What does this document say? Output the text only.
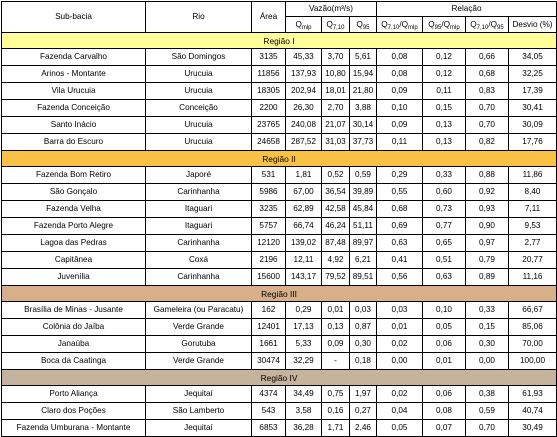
Sub-bacia	Rio	Área	Vazão(m³/s)			Relação			
			$Q_{mlp}$	$Q_{7,10}$	$Q_{95}$	$Q_{7,10}/Q_{mlp}$	$Q_{95}/Q_{mlp}$	$Q_{7,10}/Q_{95}$	Desvio (%)
Região I									
Fazenda Carvalho	São Domingos	3135	45,33	3,70	5,61	0,08	0,12	0,66	34,05
Arinos - Montante	Urucuia	11856	137,93	10,80	15,94	0,08	0,12	0,68	32,25
Vila Urucuia	Urucuia	18305	202,94	18,01	21,80	0,09	0,11	0,83	17,39
Fazenda Conceição	Conceição	2200	26,30	2,70	3,88	0,10	0,15	0,70	30,41
Santo Inácio	Urucuia	23765	240,08	21,07	30,14	0,09	0,13	0,70	30,09
Barra do Escuro	Urucuia	24658	287,52	31,03	37,73	0,11	0,13	0,82	17,76
Região II									
Fazenda Bom Retiro	Japoré	531	1,81	0,52	0,59	0,29	0,33	0,88	11,86
São Gonçalo	Carinhanha	5986	67,00	36,54	39,89	0,55	0,60	0,92	8,40
Fazenda Velha	Itaguari	3235	62,89	42,58	45,84	0,68	0,73	0,93	7,11
Fazenda Porto Alegre	Itaguari	5757	66,74	46,24	51,11	0,69	0,77	0,90	9,53
Lagoa das Pedras	Carinhanha	12120	139,02	87,48	89,97	0,63	0,65	0,97	2,77
Capitânea	Coxá	2196	12,11	4,92	6,21	0,41	0,51	0,79	20,77
Juvenília	Carinhanha	15600	143,17	79,52	89,51	0,56	0,63	0,89	11,16
Região III									
Brasília de Minas - Jusante	Gameleira (ou Paracatu)	162	0,29	0,01	0,03	0,03	0,10	0,33	66,67
Colônia do Jaíba	Verde Grande	12401	17,13	0,13	0,87	0,01	0,05	0,15	85,06
Janaúba	Gorutuba	1661	5,33	0,09	0,30	0,02	0,06	0,30	70,00
Boca da Caatinga	Verde Grande	30474	32,29	-	0,18	0,00	0,01	0,00	100,00
Região IV									
Porto Aliança	Jequitaí	4374	34,49	0,75	1,97	0,02	0,06	0,38	61,93
Claro dos Poções	São Lamberto	543	3,58	0,16	0,27	0,04	0,08	0,59	40,74
Fazenda Umburana - Montante	Jequitaí	6853	36,28	1,71	2,46	0,05	0,07	0,70	30,49
